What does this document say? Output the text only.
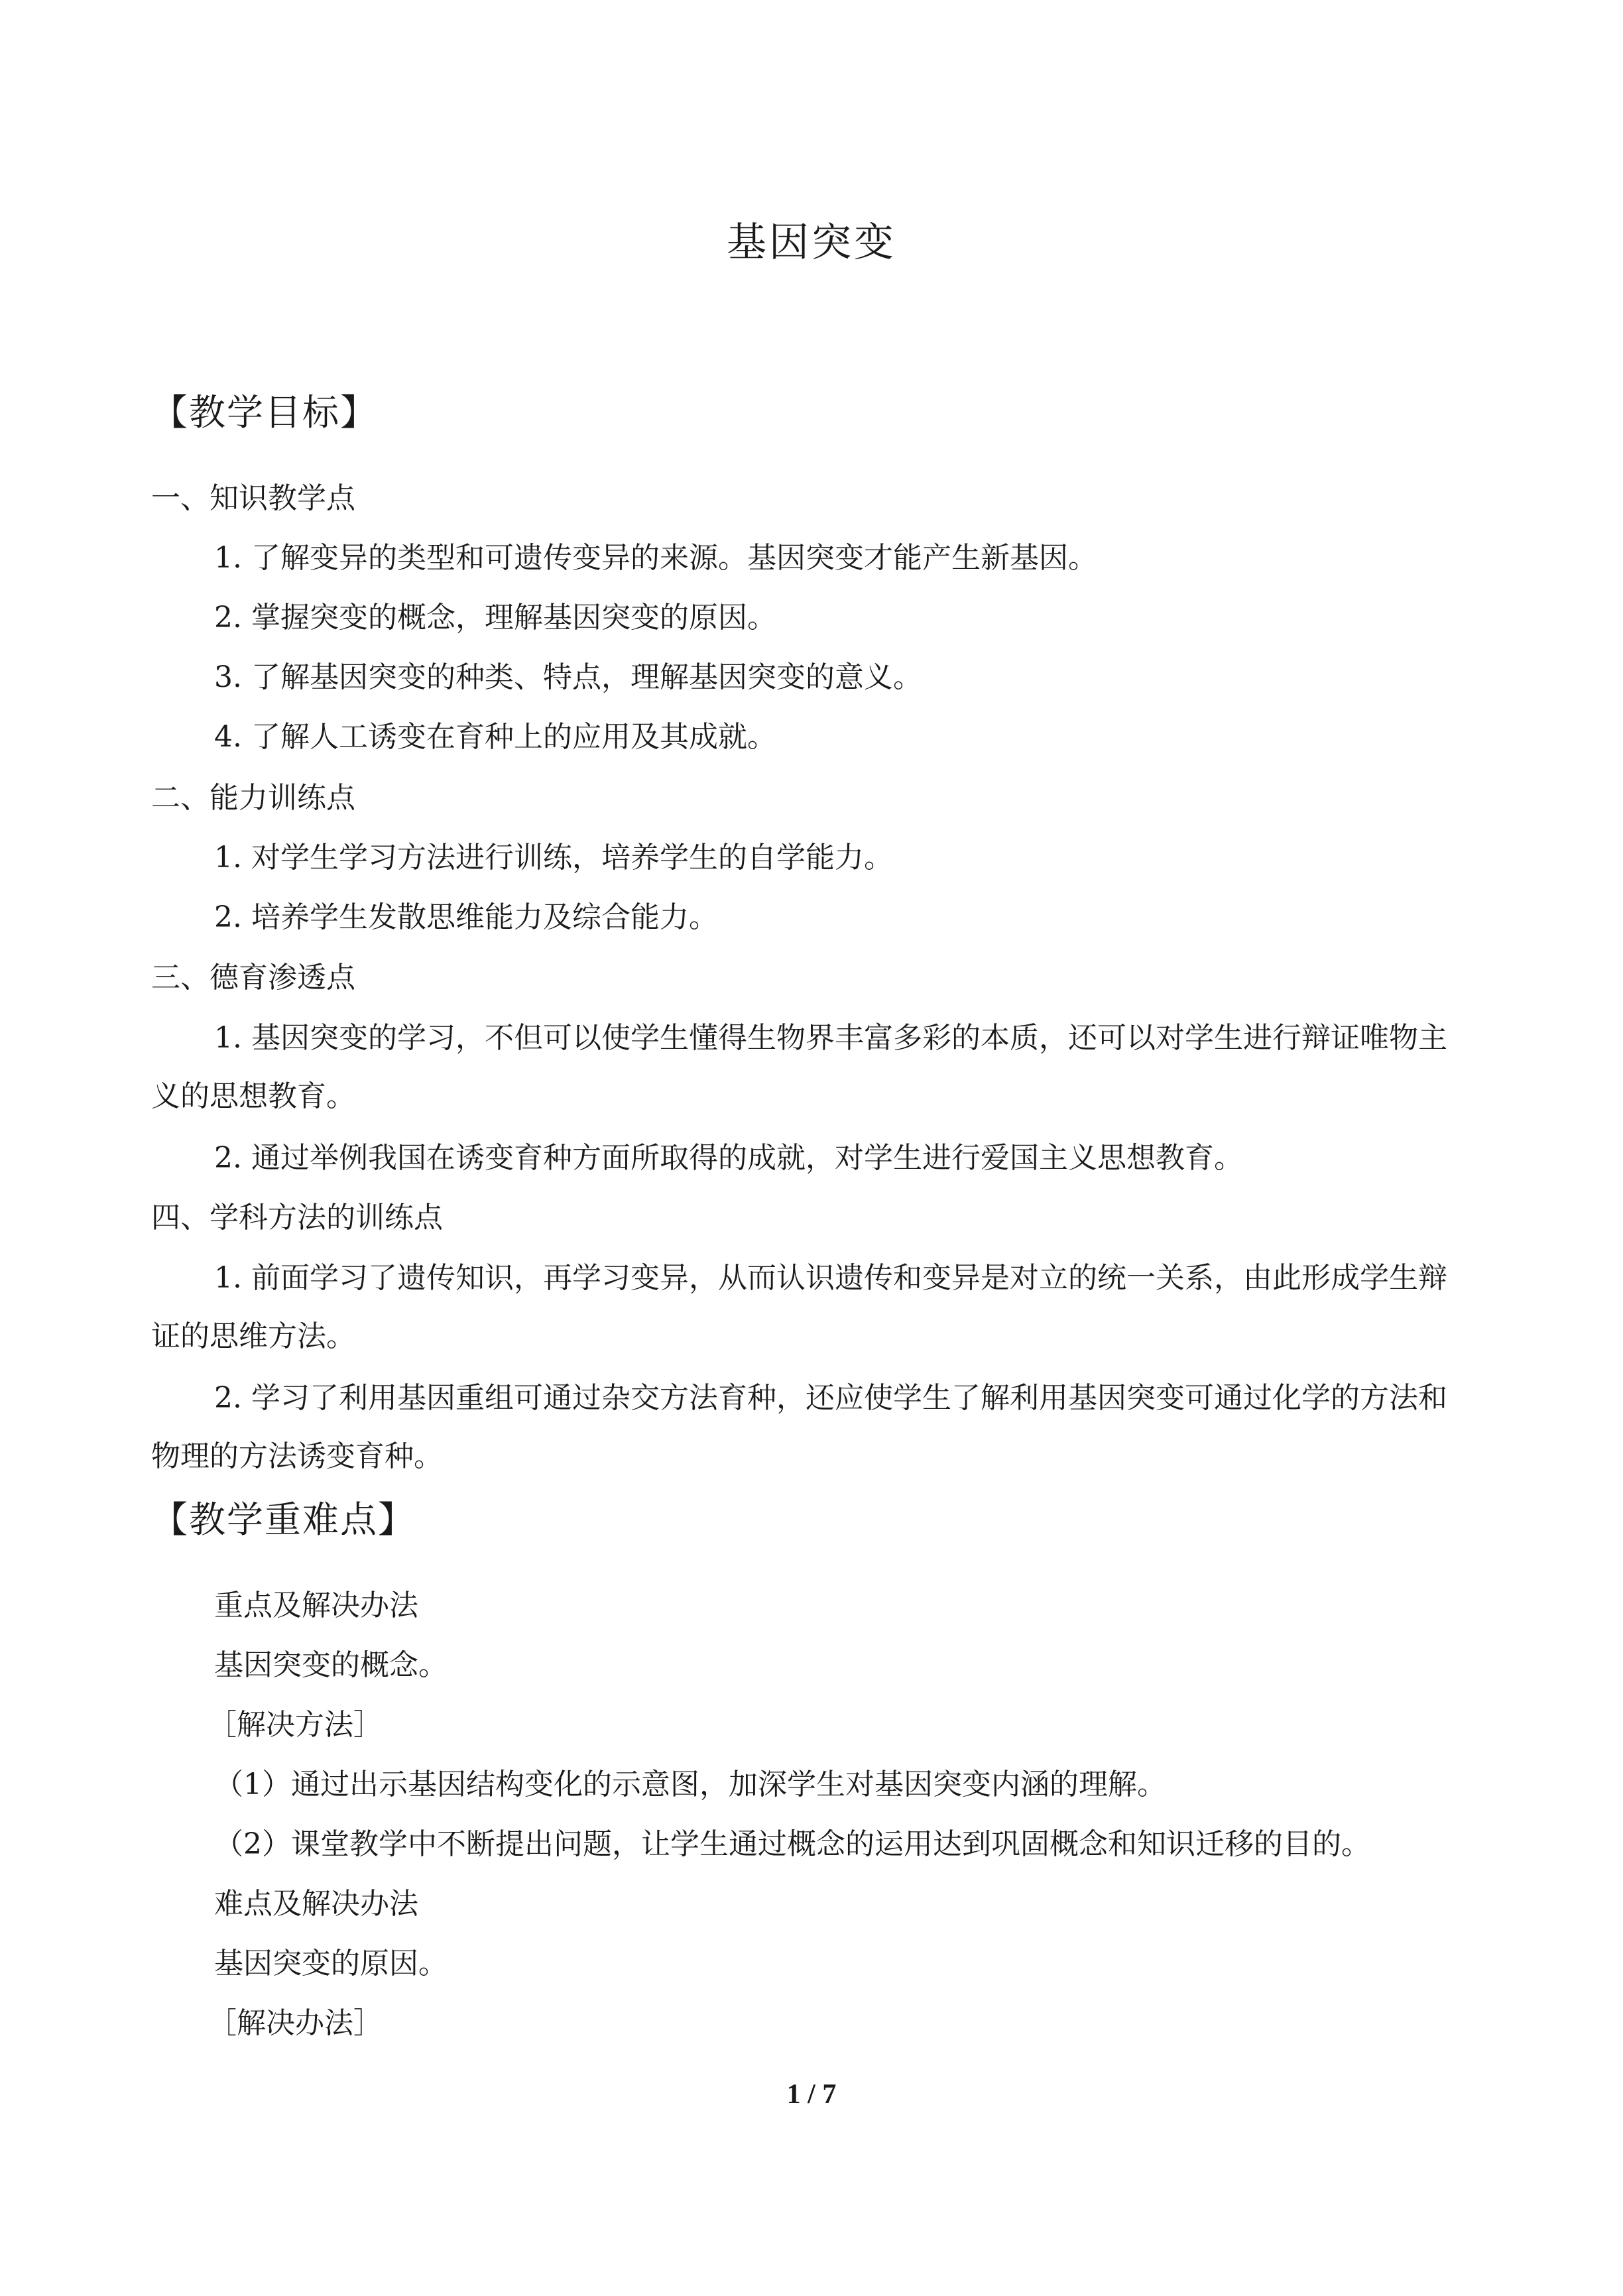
基因突变
【教学目标】
一、知识教学点
1. 了解变异的类型和可遗传变异的来源。基因突变才能产生新基因。
2. 掌握突变的概念，理解基因突变的原因。
3. 了解基因突变的种类、特点，理解基因突变的意义。
4. 了解人工诱变在育种上的应用及其成就。
二、能力训练点
1. 对学生学习方法进行训练，培养学生的自学能力。
2. 培养学生发散思维能力及综合能力。
三、德育渗透点
1. 基因突变的学习，不但可以使学生懂得生物界丰富多彩的本质，还可以对学生进行辩证唯物主义的思想教育。
2. 通过举例我国在诱变育种方面所取得的成就，对学生进行爱国主义思想教育。
四、学科方法的训练点
1. 前面学习了遗传知识，再学习变异，从而认识遗传和变异是对立的统一关系，由此形成学生辩证的思维方法。
2. 学习了利用基因重组可通过杂交方法育种，还应使学生了解利用基因突变可通过化学的方法和物理的方法诱变育种。
【教学重难点】
重点及解决办法
基因突变的概念。
［解决方法］
（1）通过出示基因结构变化的示意图，加深学生对基因突变内涵的理解。
（2）课堂教学中不断提出问题，让学生通过概念的运用达到巩固概念和知识迁移的目的。
难点及解决办法
基因突变的原因。
［解决办法］
1 / 7
